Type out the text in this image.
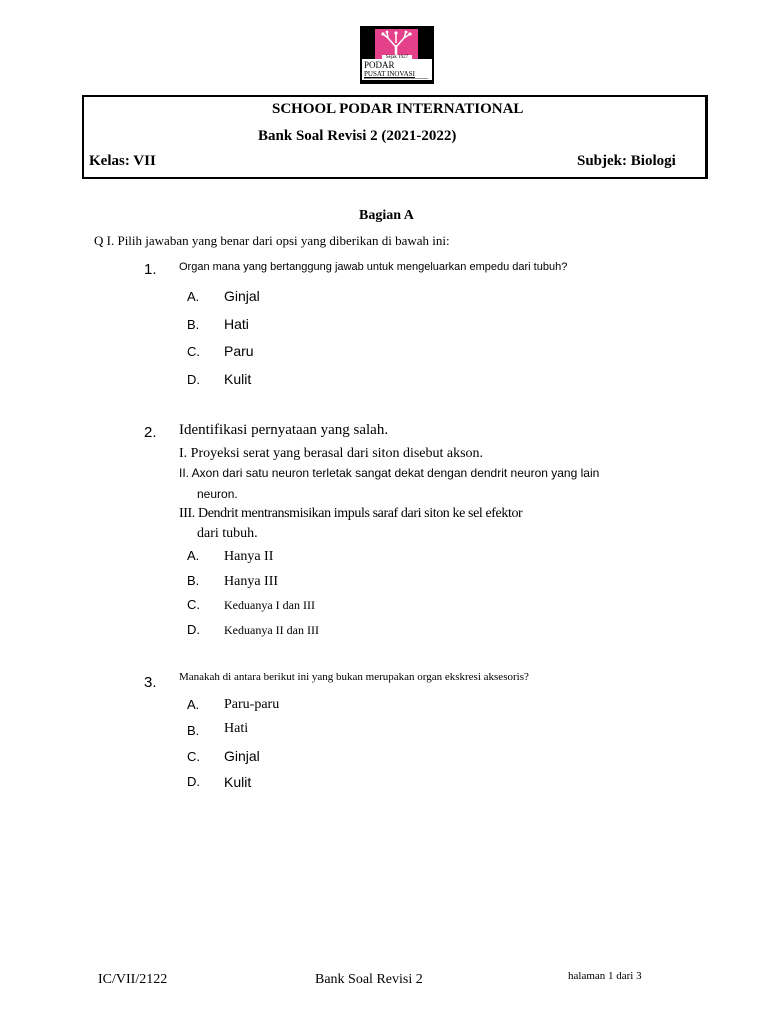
Sejak 1927
PODAR
PUSAT INOVASI
SCHOOL PODAR INTERNATIONAL
Bank Soal Revisi 2 (2021-2022)
Kelas: VII	Subjek: Biologi
Bagian A
Q I. Pilih jawaban yang benar dari opsi yang diberikan di bawah ini:
1. Organ mana yang bertanggung jawab untuk mengeluarkan empedu dari tubuh?
A. Ginjal
B. Hati
C. Paru
D. Kulit
2. Identifikasi pernyataan yang salah.
I. Proyeksi serat yang berasal dari siton disebut akson.
II. Axon dari satu neuron terletak sangat dekat dengan dendrit neuron yang lain
neuron.
III. Dendrit mentransmisikan impuls saraf dari siton ke sel efektor
dari tubuh.
A. Hanya II
B. Hanya III
C. Keduanya I dan III
D. Keduanya II dan III
3. Manakah di antara berikut ini yang bukan merupakan organ ekskresi aksesoris?
A. Paru-paru
B. Hati
C. Ginjal
D. Kulit
IC/VII/2122	Bank Soal Revisi 2	halaman 1 dari 3
